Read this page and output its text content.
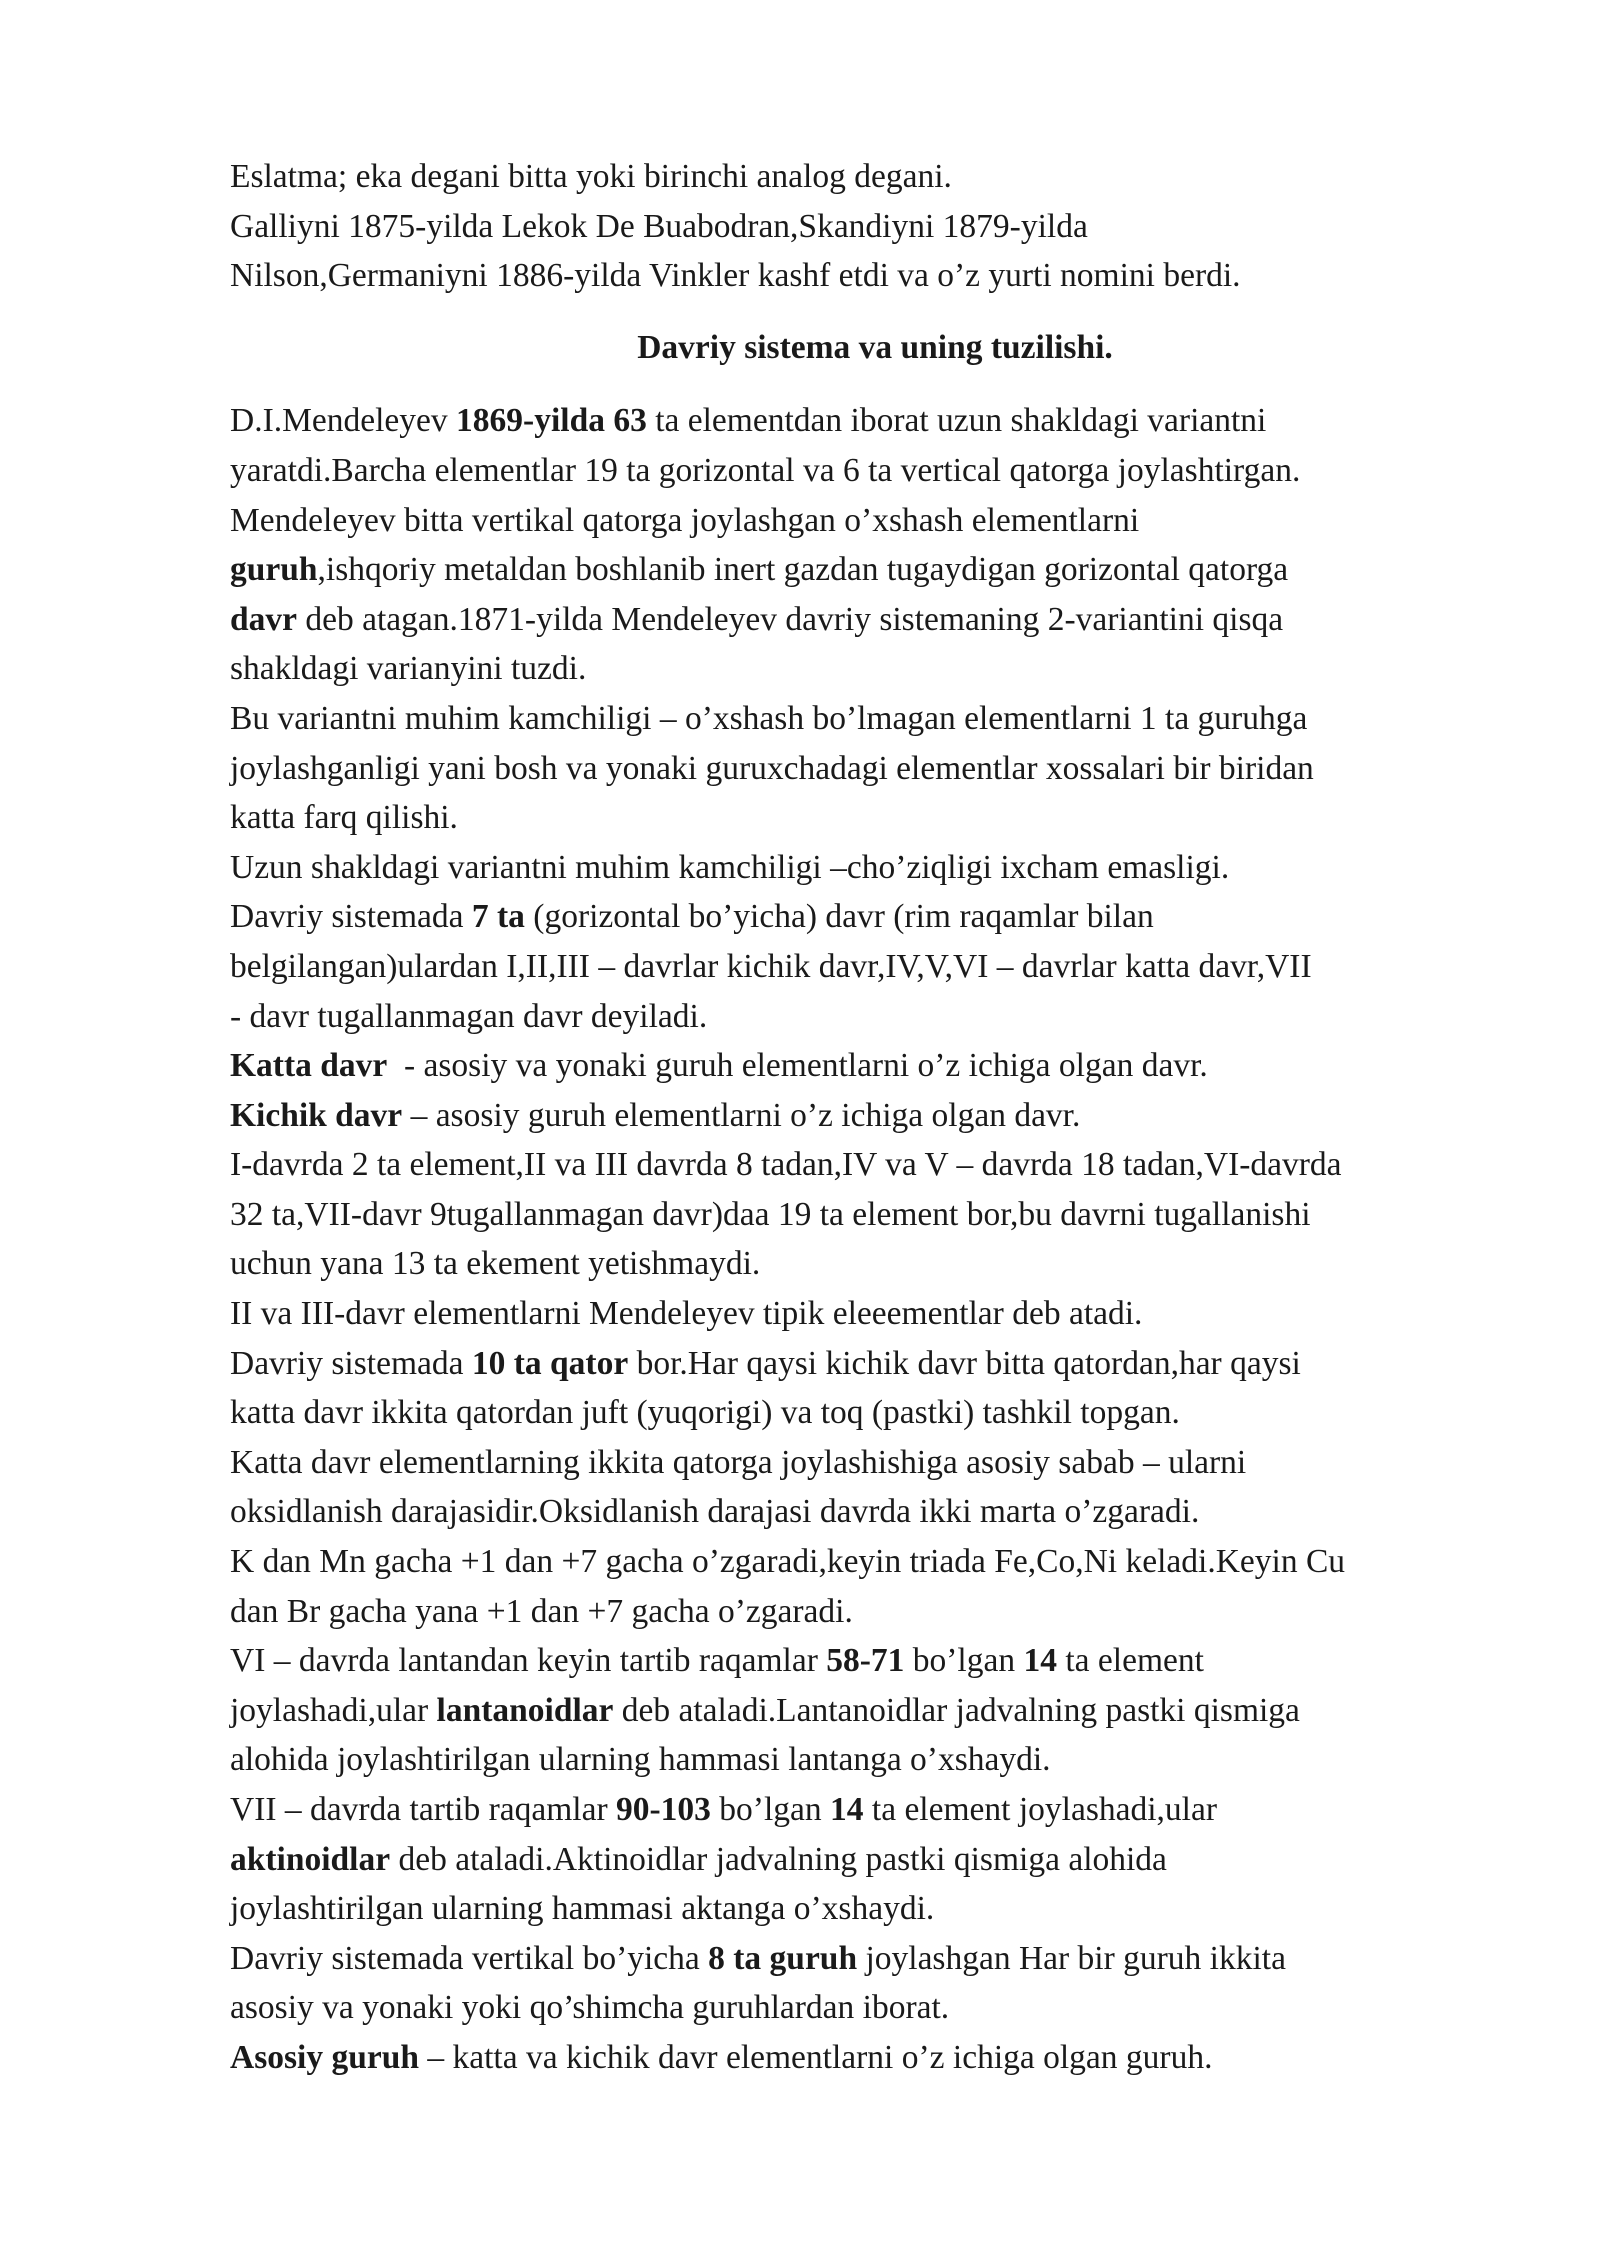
Eslatma; eka degani bitta yoki birinchi analog degani.
Galliyni 1875-yilda Lekok De Buabodran,Skandiyni 1879-yilda
Nilson,Germaniyni 1886-yilda Vinkler kashf etdi va o’z yurti nomini berdi.
Davriy sistema va uning tuzilishi.
D.I.Mendeleyev 1869-yilda 63 ta elementdan iborat uzun shakldagi variantni
yaratdi.Barcha elementlar 19 ta gorizontal va 6 ta vertical qatorga joylashtirgan.
Mendeleyev bitta vertikal qatorga joylashgan o’xshash elementlarni
guruh,ishqoriy metaldan boshlanib inert gazdan tugaydigan gorizontal qatorga
davr deb atagan.1871-yilda Mendeleyev davriy sistemaning 2-variantini qisqa
shakldagi varianyini tuzdi.
Bu variantni muhim kamchiligi – o’xshash bo’lmagan elementlarni 1 ta guruhga
joylashganligi yani bosh va yonaki guruxchadagi elementlar xossalari bir biridan
katta farq qilishi.
Uzun shakldagi variantni muhim kamchiligi –cho’ziqligi ixcham emasligi.
Davriy sistemada 7 ta (gorizontal bo’yicha) davr (rim raqamlar bilan
belgilangan)ulardan I,II,III – davrlar kichik davr,IV,V,VI – davrlar katta davr,VII
- davr tugallanmagan davr deyiladi.
Katta davr  - asosiy va yonaki guruh elementlarni o’z ichiga olgan davr.
Kichik davr – asosiy guruh elementlarni o’z ichiga olgan davr.
I-davrda 2 ta element,II va III davrda 8 tadan,IV va V – davrda 18 tadan,VI-davrda
32 ta,VII-davr 9tugallanmagan davr)daa 19 ta element bor,bu davrni tugallanishi
uchun yana 13 ta ekement yetishmaydi.
II va III-davr elementlarni Mendeleyev tipik eleeementlar deb atadi.
Davriy sistemada 10 ta qator bor.Har qaysi kichik davr bitta qatordan,har qaysi
katta davr ikkita qatordan juft (yuqorigi) va toq (pastki) tashkil topgan.
Katta davr elementlarning ikkita qatorga joylashishiga asosiy sabab – ularni
oksidlanish darajasidir.Oksidlanish darajasi davrda ikki marta o’zgaradi.
K dan Mn gacha +1 dan +7 gacha o’zgaradi,keyin triada Fe,Co,Ni keladi.Keyin Cu
dan Br gacha yana +1 dan +7 gacha o’zgaradi.
VI – davrda lantandan keyin tartib raqamlar 58-71 bo’lgan 14 ta element
joylashadi,ular lantanoidlar deb ataladi.Lantanoidlar jadvalning pastki qismiga
alohida joylashtirilgan ularning hammasi lantanga o’xshaydi.
VII – davrda tartib raqamlar 90-103 bo’lgan 14 ta element joylashadi,ular
aktinoidlar deb ataladi.Aktinoidlar jadvalning pastki qismiga alohida
joylashtirilgan ularning hammasi aktanga o’xshaydi.
Davriy sistemada vertikal bo’yicha 8 ta guruh joylashgan Har bir guruh ikkita
asosiy va yonaki yoki qo’shimcha guruhlardan iborat.
Asosiy guruh – katta va kichik davr elementlarni o’z ichiga olgan guruh.
